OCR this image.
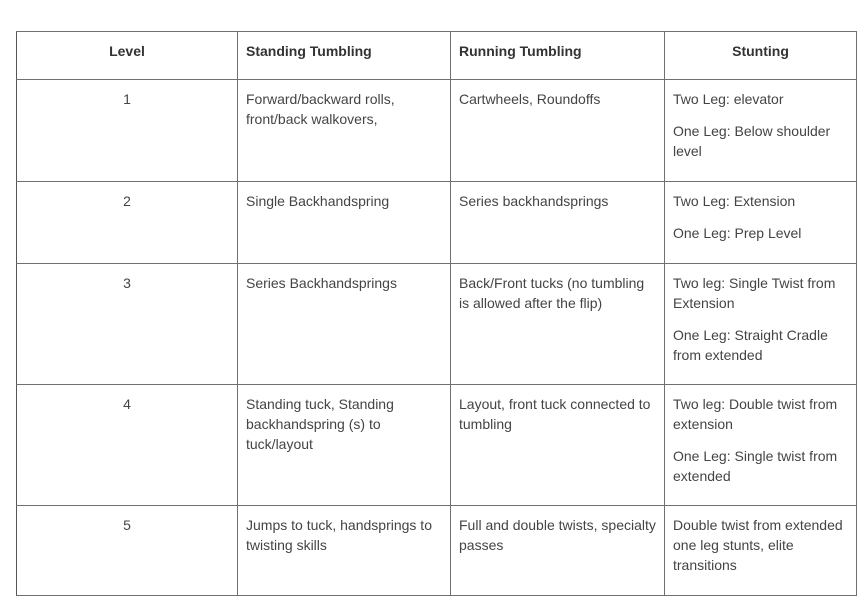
Level	Standing Tumbling	Running Tumbling	Stunting
1	Forward/backward rolls, front/back walkovers,	Cartwheels, Roundoffs	Two Leg: elevator
One Leg: Below shoulder level

2	Single Backhandspring	Series backhandsprings	Two Leg: Extension
One Leg: Prep Level

3	Series Backhandsprings	Back/Front tucks (no tumbling is allowed after the flip)	Two leg: Single Twist from Extension
One Leg: Straight Cradle from extended

4	Standing tuck, Standing backhandspring (s) to tuck/layout	Layout, front tuck connected to tumbling	Two leg: Double twist from extension
One Leg: Single twist from extended

5	Jumps to tuck, handsprings to twisting skills	Full and double twists, specialty passes	Double twist from extended one leg stunts, elite transitions
